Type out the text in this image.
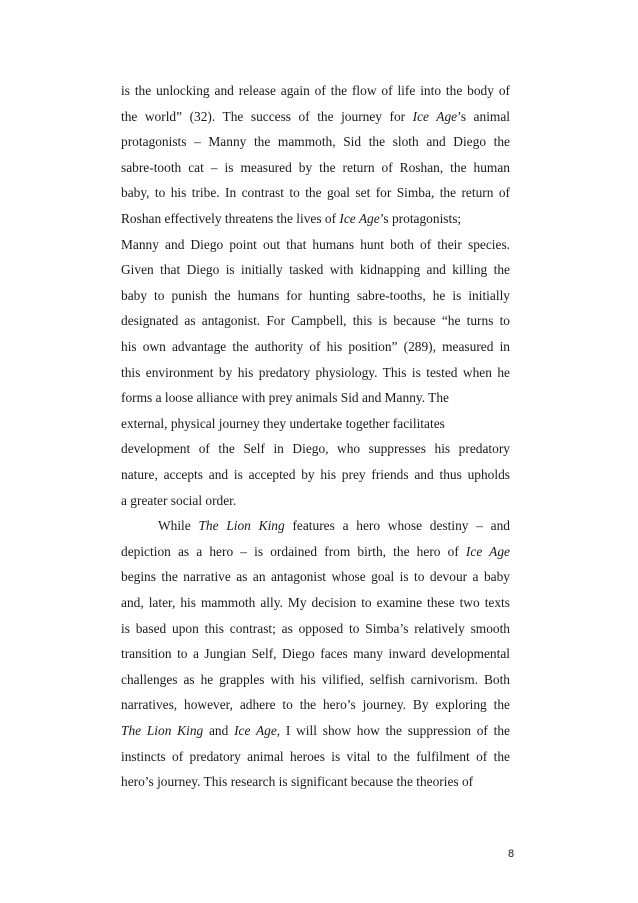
is the unlocking and release again of the flow of life into the body of

the world” (32). The success of the journey for Ice Age’s animal

protagonists – Manny the mammoth, Sid the sloth and Diego the

sabre-tooth cat – is measured by the return of Roshan, the human

baby, to his tribe. In contrast to the goal set for Simba, the return of

Roshan effectively threatens the lives of Ice Age’s protagonists;

Manny and Diego point out that humans hunt both of their species.

Given that Diego is initially tasked with kidnapping and killing the

baby to punish the humans for hunting sabre-tooths, he is initially

designated as antagonist. For Campbell, this is because “he turns to

his own advantage the authority of his position” (289), measured in

this environment by his predatory physiology. This is tested when he

forms a loose alliance with prey animals Sid and Manny. The

external, physical journey they undertake together facilitates

development of the Self in Diego, who suppresses his predatory

nature, accepts and is accepted by his prey friends and thus upholds

a greater social order.

While The Lion King features a hero whose destiny – and

depiction as a hero – is ordained from birth, the hero of Ice Age

begins the narrative as an antagonist whose goal is to devour a baby

and, later, his mammoth ally. My decision to examine these two texts

is based upon this contrast; as opposed to Simba’s relatively smooth

transition to a Jungian Self, Diego faces many inward developmental

challenges as he grapples with his vilified, selfish carnivorism. Both

narratives, however, adhere to the hero’s journey. By exploring the

The Lion King and Ice Age, I will show how the suppression of the

instincts of predatory animal heroes is vital to the fulfilment of the

hero’s journey. This research is significant because the theories of

8
